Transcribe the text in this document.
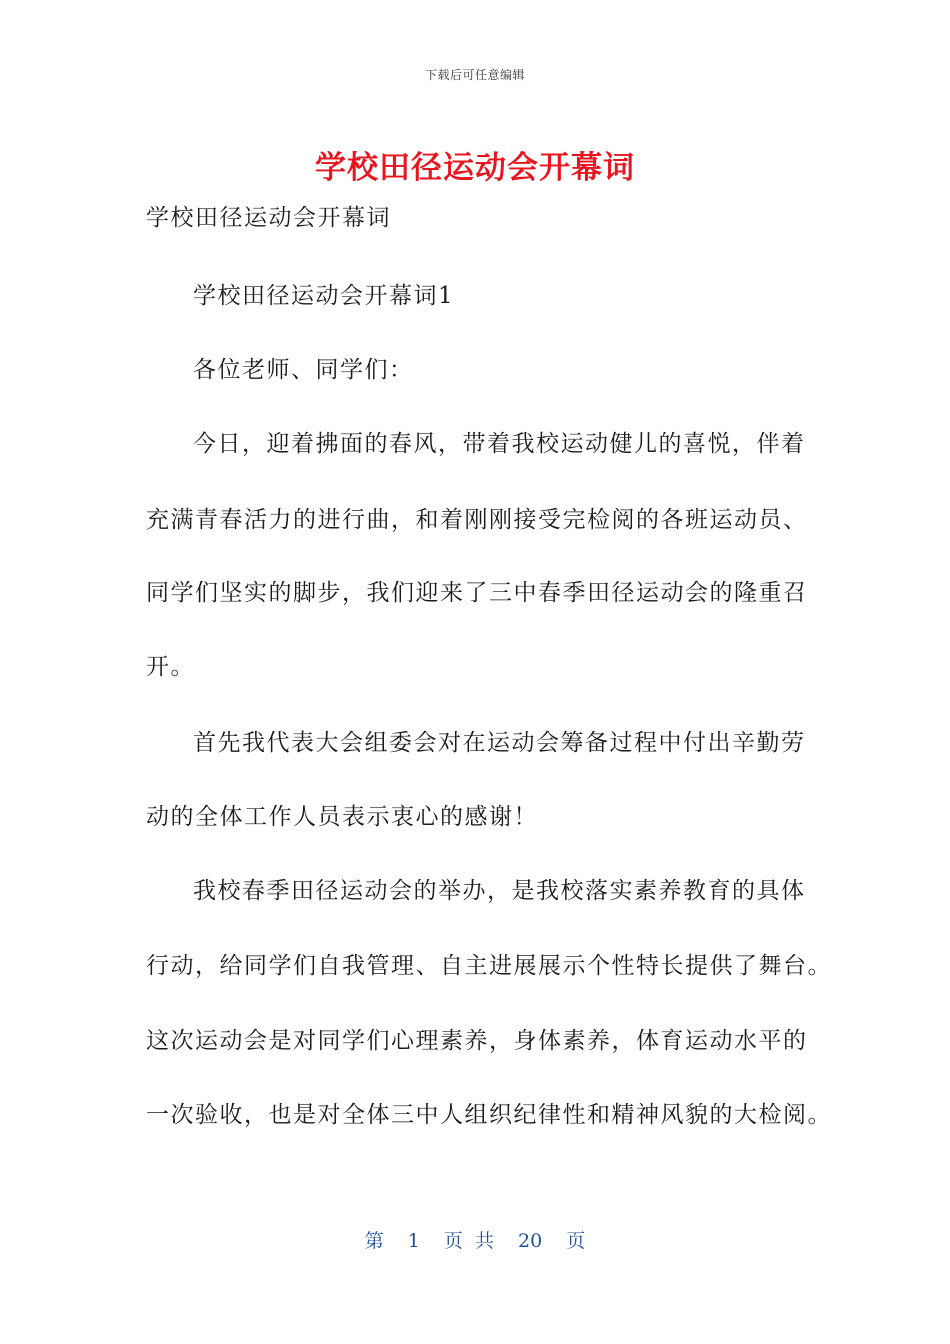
下载后可任意编辑
学校田径运动会开幕词
学校田径运动会开幕词
学校田径运动会开幕词1
各位老师、同学们：
今日，迎着拂面的春风，带着我校运动健儿的喜悦，伴着
充满青春活力的进行曲，和着刚刚接受完检阅的各班运动员、
同学们坚实的脚步，我们迎来了三中春季田径运动会的隆重召
开。
首先我代表大会组委会对在运动会筹备过程中付出辛勤劳
动的全体工作人员表示衷心的感谢！
我校春季田径运动会的举办，是我校落实素养教育的具体
行动，给同学们自我管理、自主进展展示个性特长提供了舞台。
这次运动会是对同学们心理素养，身体素养，体育运动水平的
一次验收，也是对全体三中人组织纪律性和精神风貌的大检阅。
第 1 页 共 20 页
